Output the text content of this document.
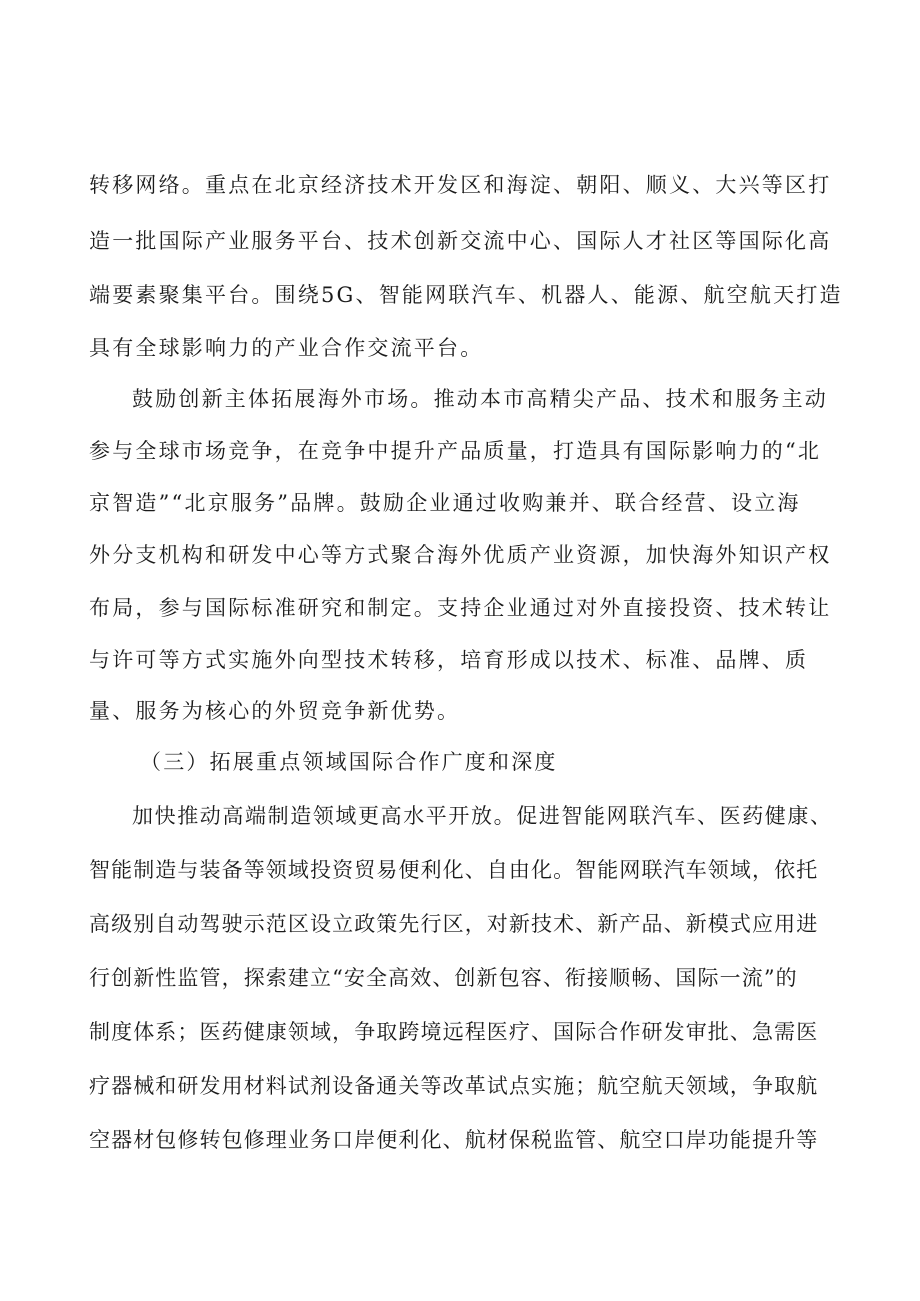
转移网络。重点在北京经济技术开发区和海淀、朝阳、顺义、大兴等区打
造一批国际产业服务平台、技术创新交流中心、国际人才社区等国际化高
端要素聚集平台。围绕5G、智能网联汽车、机器人、能源、航空航天打造
具有全球影响力的产业合作交流平台。
鼓励创新主体拓展海外市场。推动本市高精尖产品、技术和服务主动
参与全球市场竞争，在竞争中提升产品质量，打造具有国际影响力的“北
京智造”“北京服务”品牌。鼓励企业通过收购兼并、联合经营、设立海
外分支机构和研发中心等方式聚合海外优质产业资源，加快海外知识产权
布局，参与国际标准研究和制定。支持企业通过对外直接投资、技术转让
与许可等方式实施外向型技术转移，培育形成以技术、标准、品牌、质
量、服务为核心的外贸竞争新优势。
（三）拓展重点领域国际合作广度和深度
加快推动高端制造领域更高水平开放。促进智能网联汽车、医药健康、
智能制造与装备等领域投资贸易便利化、自由化。智能网联汽车领域，依托
高级别自动驾驶示范区设立政策先行区，对新技术、新产品、新模式应用进
行创新性监管，探索建立“安全高效、创新包容、衔接顺畅、国际一流”的
制度体系；医药健康领域，争取跨境远程医疗、国际合作研发审批、急需医
疗器械和研发用材料试剂设备通关等改革试点实施；航空航天领域，争取航
空器材包修转包修理业务口岸便利化、航材保税监管、航空口岸功能提升等
